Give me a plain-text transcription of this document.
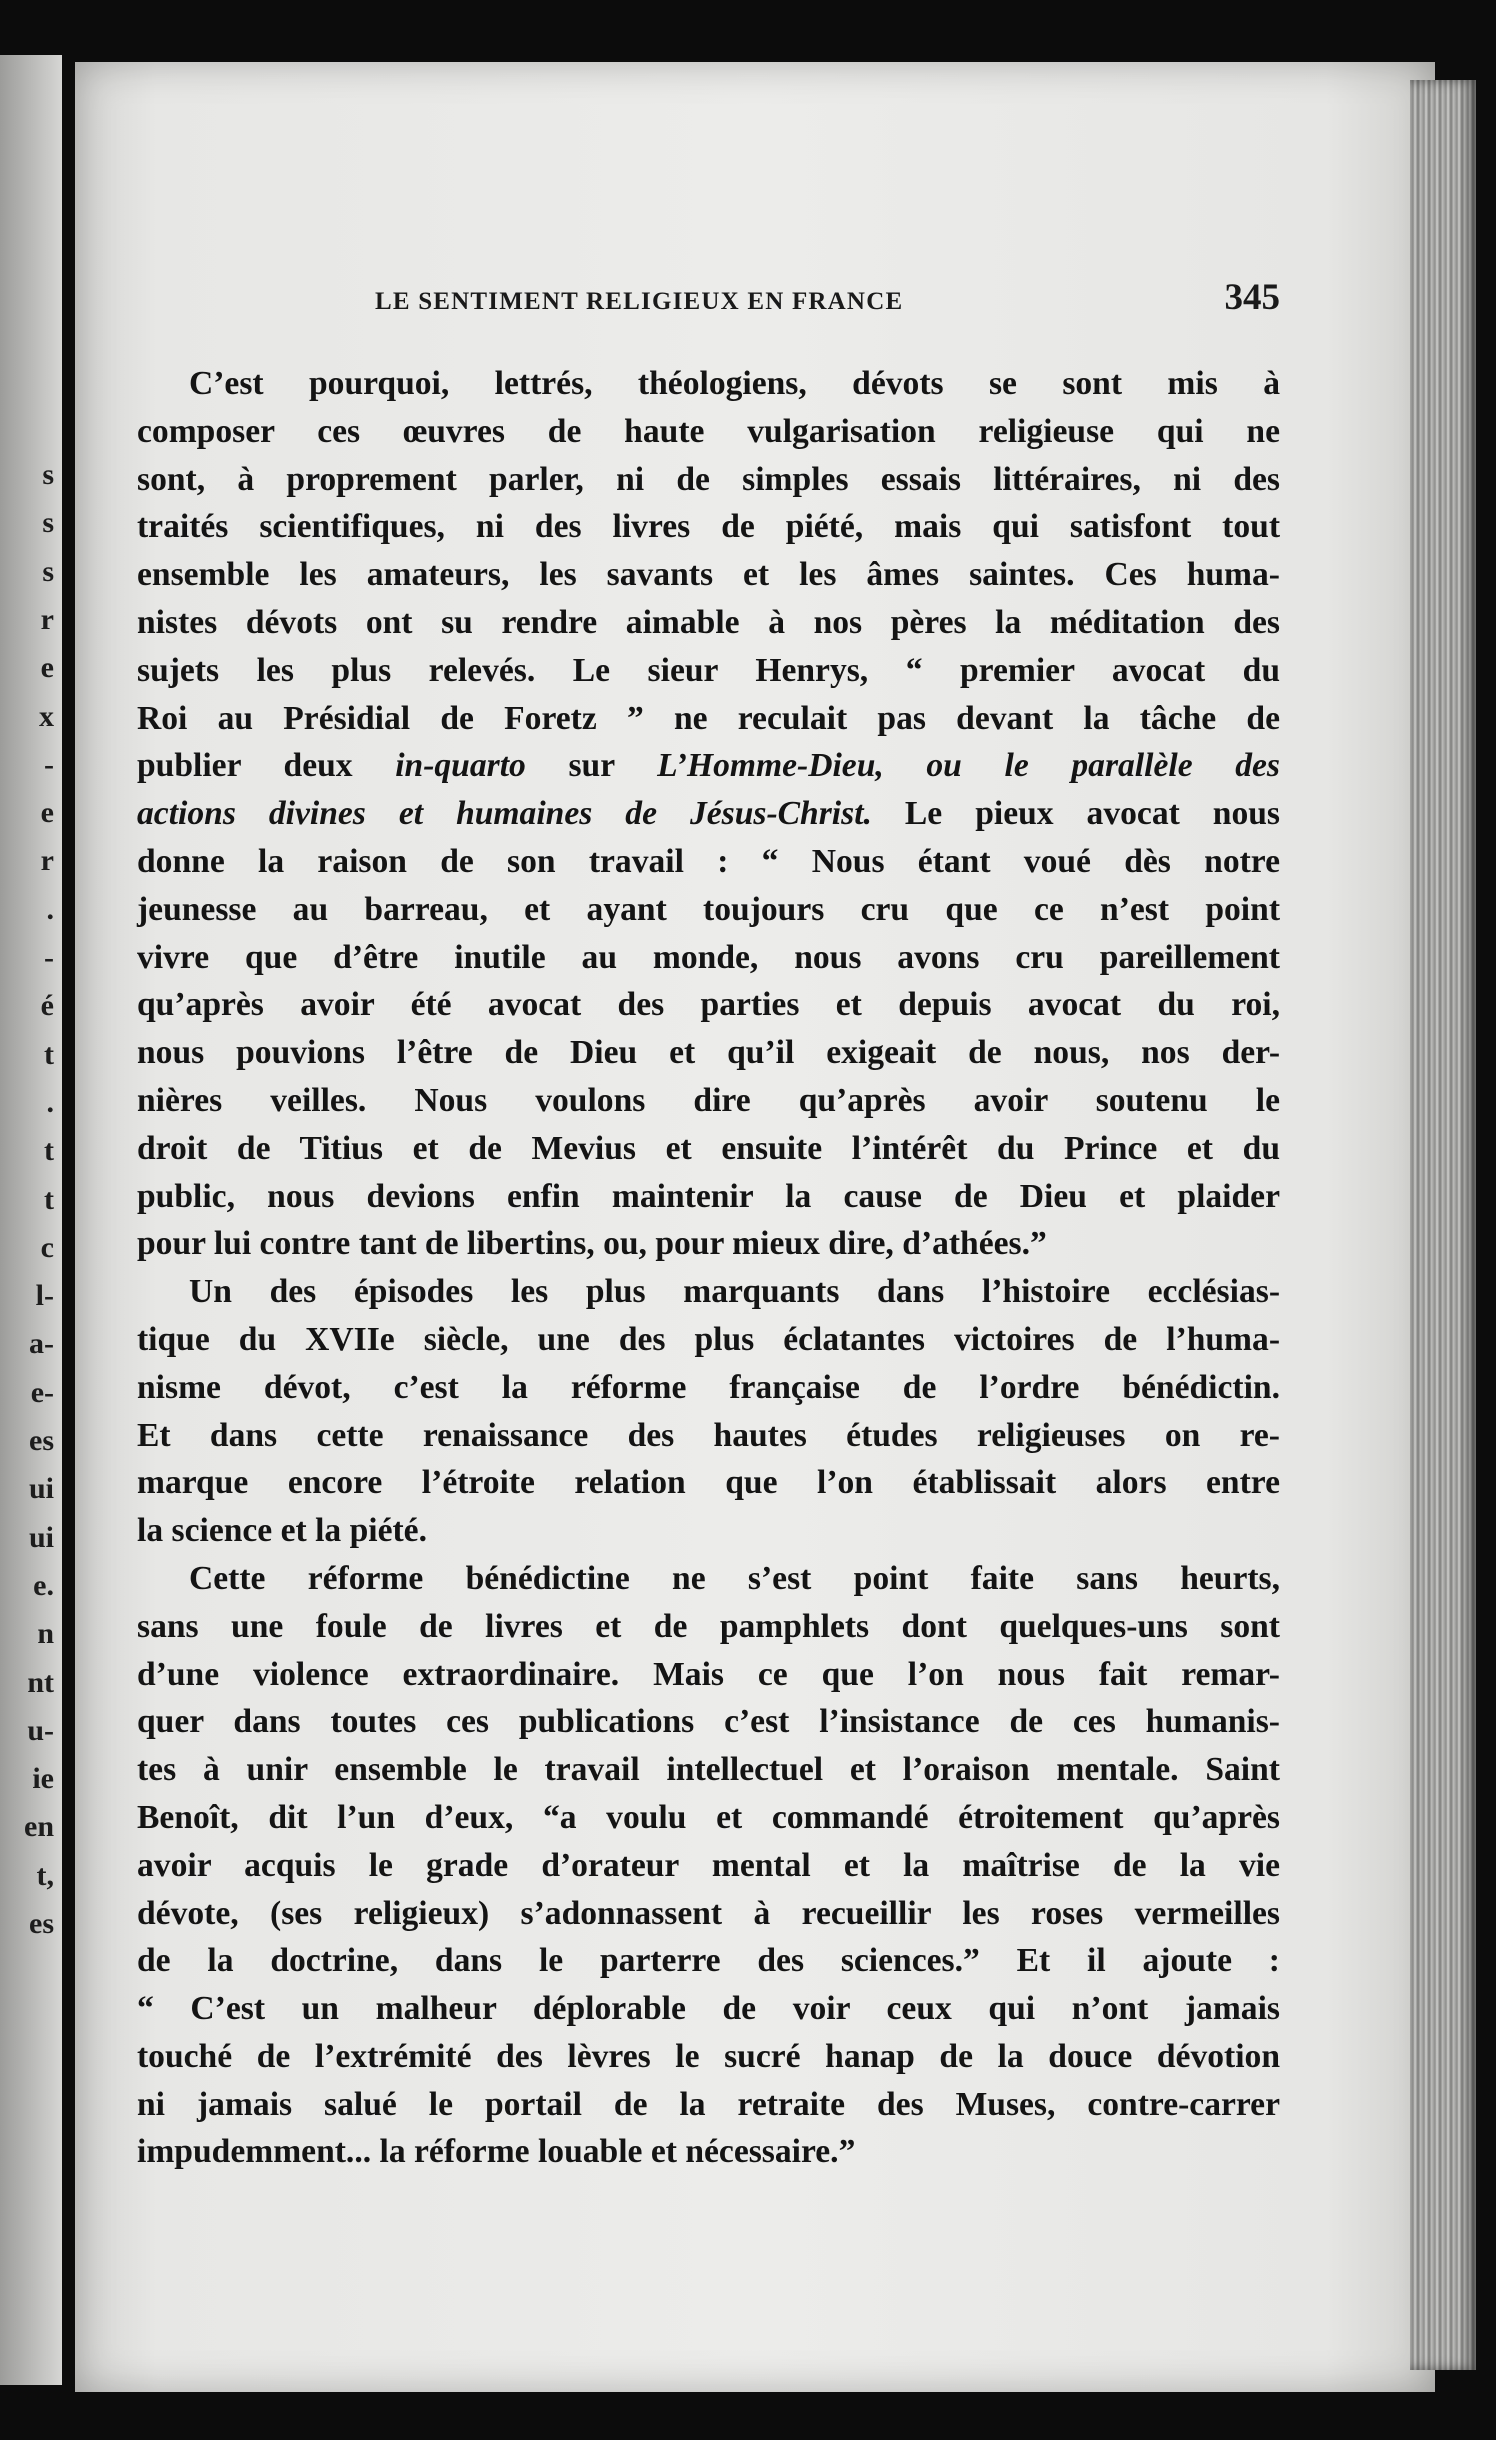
s
s
s
r
e
x
-
e
r
.
-
é
t
.
t
t
c
l-
a-
e-
es
ui
ui
e.
n
nt
u-
ie
en
t,
es
LE SENTIMENT RELIGIEUX EN FRANCE	345
C’est pourquoi, lettrés, théologiens, dévots se sont mis à
composer ces œuvres de haute vulgarisation religieuse qui ne
sont, à proprement parler, ni de simples essais littéraires, ni des
traités scientifiques, ni des livres de piété, mais qui satisfont tout
ensemble les amateurs, les savants et les âmes saintes. Ces huma-
nistes dévots ont su rendre aimable à nos pères la méditation des
sujets les plus relevés. Le sieur Henrys, “ premier avocat du
Roi au Présidial de Foretz ” ne reculait pas devant la tâche de
publier deux in-quarto sur L’Homme-Dieu, ou le parallèle des
actions divines et humaines de Jésus-Christ. Le pieux avocat nous
donne la raison de son travail : “ Nous étant voué dès notre
jeunesse au barreau, et ayant toujours cru que ce n’est point
vivre que d’être inutile au monde, nous avons cru pareillement
qu’après avoir été avocat des parties et depuis avocat du roi,
nous pouvions l’être de Dieu et qu’il exigeait de nous, nos der-
nières veilles. Nous voulons dire qu’après avoir soutenu le
droit de Titius et de Mevius et ensuite l’intérêt du Prince et du
public, nous devions enfin maintenir la cause de Dieu et plaider
pour lui contre tant de libertins, ou, pour mieux dire, d’athées.”
Un des épisodes les plus marquants dans l’histoire ecclésias-
tique du XVIIe siècle, une des plus éclatantes victoires de l’huma-
nisme dévot, c’est la réforme française de l’ordre bénédictin.
Et dans cette renaissance des hautes études religieuses on re-
marque encore l’étroite relation que l’on établissait alors entre
la science et la piété.
Cette réforme bénédictine ne s’est point faite sans heurts,
sans une foule de livres et de pamphlets dont quelques-uns sont
d’une violence extraordinaire. Mais ce que l’on nous fait remar-
quer dans toutes ces publications c’est l’insistance de ces humanis-
tes à unir ensemble le travail intellectuel et l’oraison mentale. Saint
Benoît, dit l’un d’eux, “a voulu et commandé étroitement qu’après
avoir acquis le grade d’orateur mental et la maîtrise de la vie
dévote, (ses religieux) s’adonnassent à recueillir les roses vermeilles
de la doctrine, dans le parterre des sciences.” Et il ajoute :
“ C’est un malheur déplorable de voir ceux qui n’ont jamais
touché de l’extrémité des lèvres le sucré hanap de la douce dévotion
ni jamais salué le portail de la retraite des Muses, contre-carrer
impudemment... la réforme louable et nécessaire.”
